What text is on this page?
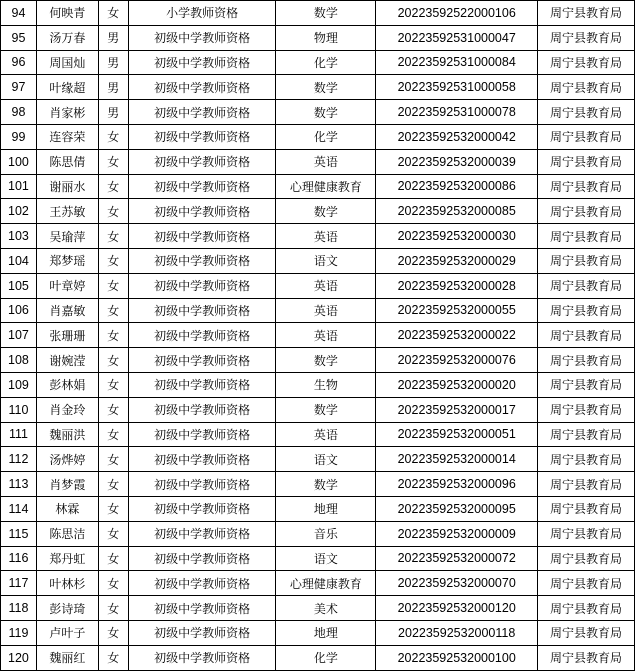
94	何映青	女	小学教师资格	数学	20223592522000106	周宁县教育局
95	汤万春	男	初级中学教师资格	物理	20223592531000047	周宁县教育局
96	周国灿	男	初级中学教师资格	化学	20223592531000084	周宁县教育局
97	叶缘超	男	初级中学教师资格	数学	20223592531000058	周宁县教育局
98	肖家彬	男	初级中学教师资格	数学	20223592531000078	周宁县教育局
99	连容荣	女	初级中学教师资格	化学	20223592532000042	周宁县教育局
100	陈思倩	女	初级中学教师资格	英语	20223592532000039	周宁县教育局
101	谢丽水	女	初级中学教师资格	心理健康教育	20223592532000086	周宁县教育局
102	王苏敏	女	初级中学教师资格	数学	20223592532000085	周宁县教育局
103	吴瑜萍	女	初级中学教师资格	英语	20223592532000030	周宁县教育局
104	郑梦瑶	女	初级中学教师资格	语文	20223592532000029	周宁县教育局
105	叶章婷	女	初级中学教师资格	英语	20223592532000028	周宁县教育局
106	肖嘉敏	女	初级中学教师资格	英语	20223592532000055	周宁县教育局
107	张珊珊	女	初级中学教师资格	英语	20223592532000022	周宁县教育局
108	谢婉滢	女	初级中学教师资格	数学	20223592532000076	周宁县教育局
109	彭林娟	女	初级中学教师资格	生物	20223592532000020	周宁县教育局
110	肖金玲	女	初级中学教师资格	数学	20223592532000017	周宁县教育局
111	魏丽洪	女	初级中学教师资格	英语	20223592532000051	周宁县教育局
112	汤烨婷	女	初级中学教师资格	语文	20223592532000014	周宁县教育局
113	肖梦霞	女	初级中学教师资格	数学	20223592532000096	周宁县教育局
114	林霖	女	初级中学教师资格	地理	20223592532000095	周宁县教育局
115	陈思洁	女	初级中学教师资格	音乐	20223592532000009	周宁县教育局
116	郑丹虹	女	初级中学教师资格	语文	20223592532000072	周宁县教育局
117	叶林杉	女	初级中学教师资格	心理健康教育	20223592532000070	周宁县教育局
118	彭诗琦	女	初级中学教师资格	美术	20223592532000120	周宁县教育局
119	卢叶子	女	初级中学教师资格	地理	20223592532000118	周宁县教育局
120	魏丽红	女	初级中学教师资格	化学	20223592532000100	周宁县教育局
